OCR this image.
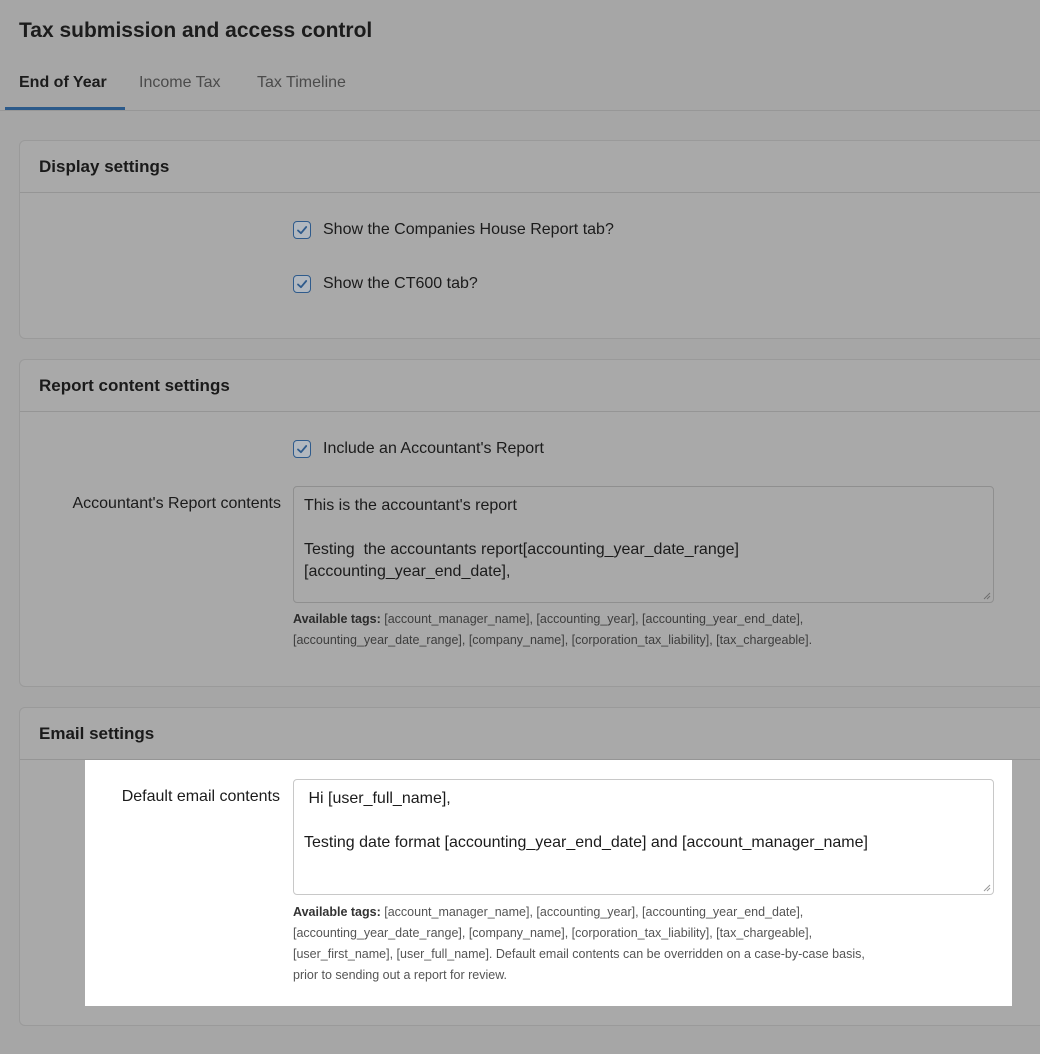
Tax submission and access control
End of Year Income Tax Tax Timeline
Display settings
Show the Companies House Report tab?
Show the CT600 tab?
Report content settings
Include an Accountant's Report
Accountant's Report contents This is the accountant's report

Testing  the accountants report[accounting_year_date_range]

[accounting_year_end_date],

Available tags: [account_manager_name], [accounting_year], [accounting_year_end_date],
[accounting_year_date_range], [company_name], [corporation_tax_liability], [tax_chargeable].
Email settings
Default email contents Hi [user_full_name],

Testing date format [accounting_year_end_date] and [account_manager_name]

Available tags: [account_manager_name], [accounting_year], [accounting_year_end_date],
[accounting_year_date_range], [company_name], [corporation_tax_liability], [tax_chargeable],
[user_first_name], [user_full_name]. Default email contents can be overridden on a case-by-case basis,
prior to sending out a report for review.
